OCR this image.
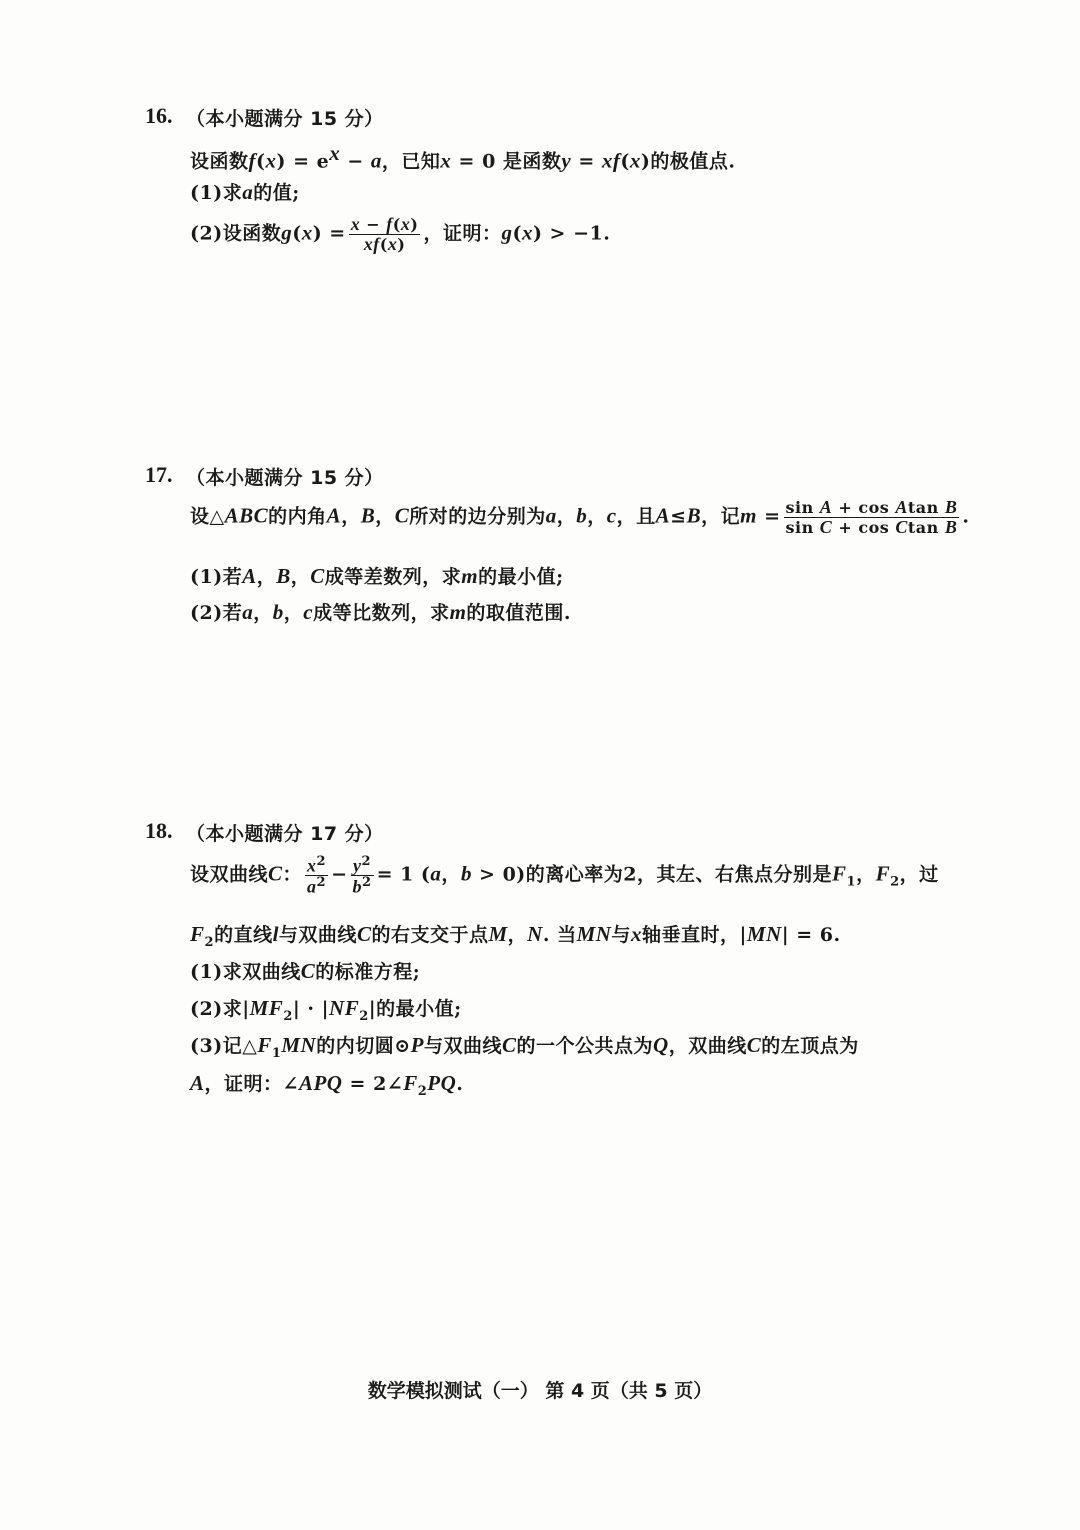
16. （本小题满分 15 分）
设函数$f(x) = e^x - a$，已知x = 0 是函数y = xf(x)的极值点.
(1)求a的值;
(2)设函数$g(x) = \frac{x - f(x)}{xf(x)}$ ，证明：g(x) > −1.
17. （本小题满分 15 分）
设△ABC的内角A，B，C所对的边分别为a，b，c，且A≤B，记$m = \frac{\text{sin A + cos Atan B}}{\text{sin C + cos Ctan B}}$ .
(1)若A，B，C成等差数列，求m的最小值;
(2)若a，b，c成等比数列，求m的取值范围.
18. （本小题满分 17 分）
设双曲线C： $\frac{x^2}{a^2} - \frac{y^2}{b^2} = 1$ (a，b > 0)的离心率为2，其左、右焦点分别是$F_1$，$F_2$，过
$F_2$的直线l与双曲线C的右支交于点M，N. 当MN与x轴垂直时，|MN| = 6.
(1)求双曲线C的标准方程;
(2)求$|MF_2| \cdot |NF_2|$的最小值;
(3)记$\triangle F_1MN$的内切圆⊙P与双曲线C的一个公共点为Q，双曲线C的左顶点为
A，证明：∠APQ = $2\angle F_2PQ$.
数学模拟测试（一） 第 4 页（共 5 页）
